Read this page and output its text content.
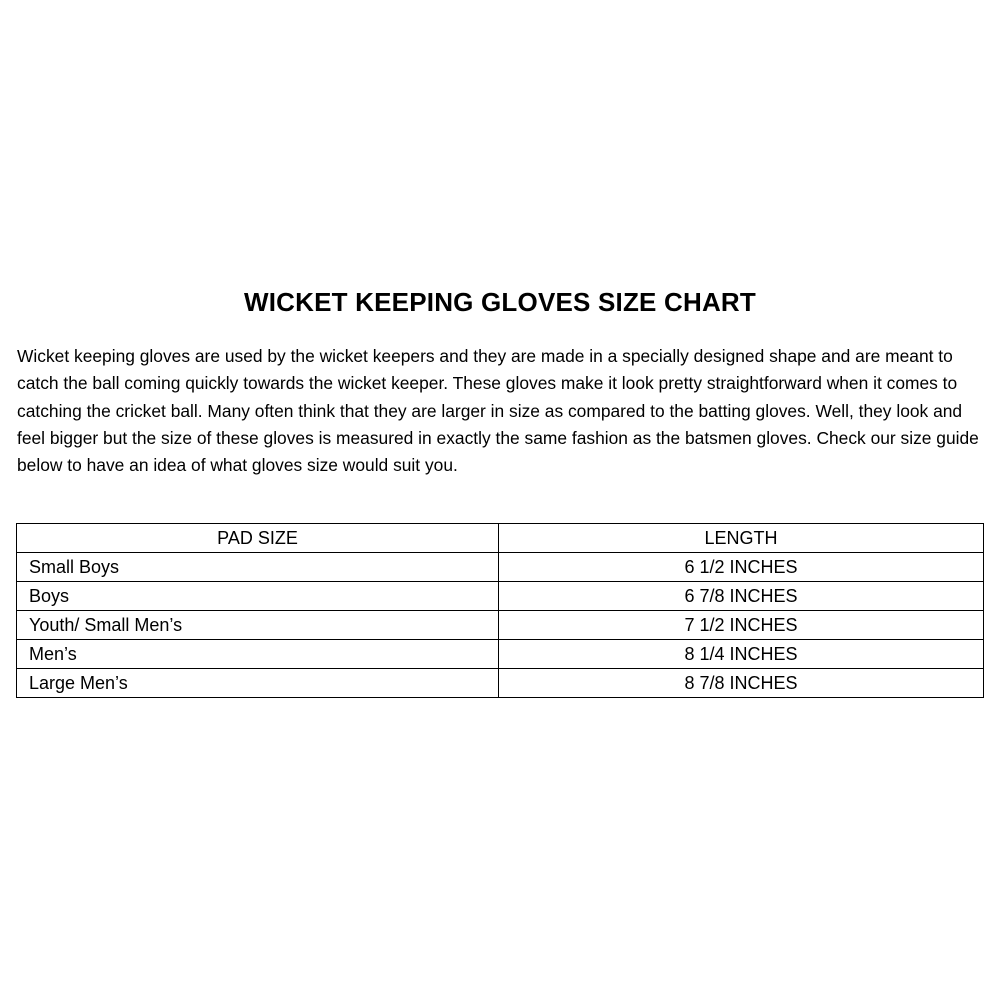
WICKET KEEPING GLOVES SIZE CHART

Wicket keeping gloves are used by the wicket keepers and they are made in a specially designed shape and are meant to catch the ball coming quickly towards the wicket keeper. These gloves make it look pretty straightforward when it comes to catching the cricket ball. Many often think that they are larger in size as compared to the batting gloves. Well, they look and feel bigger but the size of these gloves is measured in exactly the same fashion as the batsmen gloves. Check our size guide below to have an idea of what gloves size would suit you.

PAD SIZE	LENGTH
Small Boys	6 1/2 INCHES
Boys	6 7/8 INCHES
Youth/ Small Men’s	7 1/2 INCHES
Men’s	8 1/4 INCHES
Large Men’s	8 7/8 INCHES
